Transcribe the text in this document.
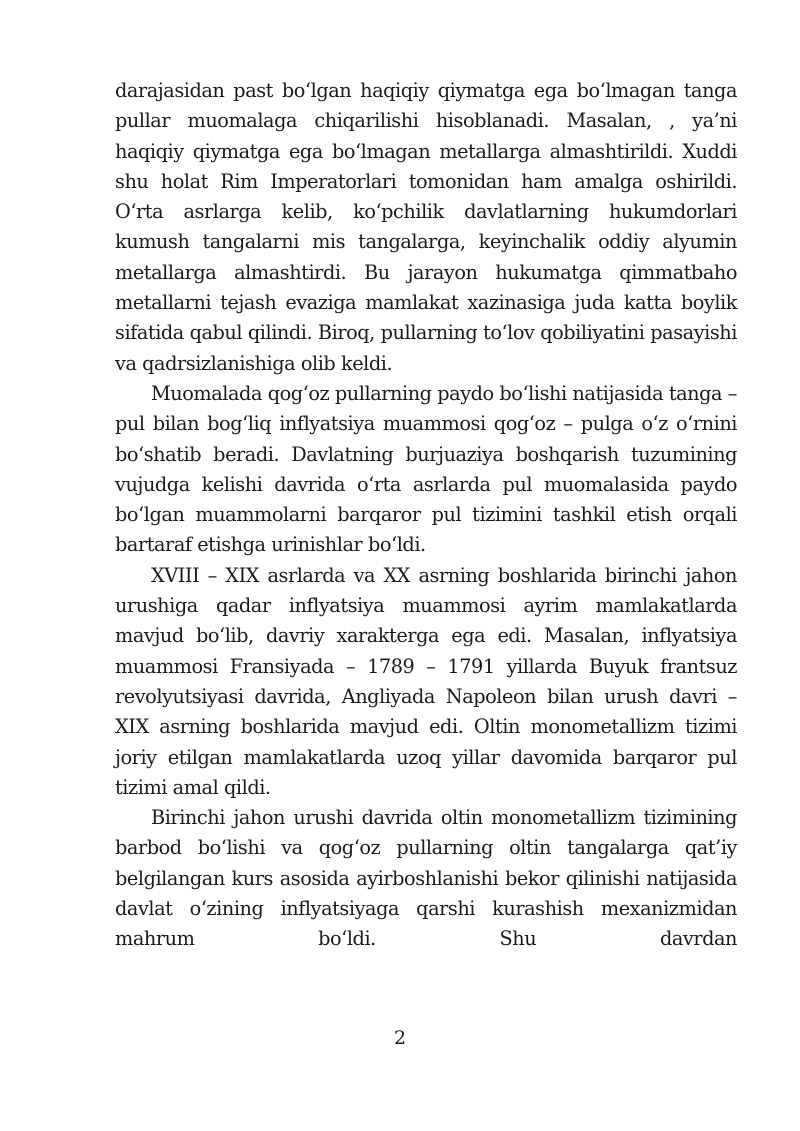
darajasidan past bo‘lgan haqiqiy qiymatga ega bo‘lmagan tanga pullar muomalaga chiqarilishi hisoblanadi. Masalan, , ya’ni haqiqiy qiymatga ega bo‘lmagan metallarga almashtirildi. Xuddi shu holat Rim Imperatorlari tomonidan ham amalga oshirildi. O‘rta asrlarga kelib, ko‘pchilik davlatlarning hukumdorlari kumush tangalarni mis tangalarga, keyinchalik oddiy alyumin metallarga almashtirdi. Bu jarayon hukumatga qimmatbaho metallarni tejash evaziga mamlakat xazinasiga juda katta boylik sifatida qabul qilindi. Biroq, pullarning to‘lov qobiliyatini pasayishi va qadrsizlanishiga olib keldi.

Muomalada qog‘oz pullarning paydo bo‘lishi natijasida tanga – pul bilan bog‘liq inflyatsiya muammosi qog‘oz – pulga o‘z o‘rnini bo‘shatib beradi. Davlatning burjuaziya boshqarish tuzumining vujudga kelishi davrida o‘rta asrlarda pul muomalasida paydo bo‘lgan muammolarni barqaror pul tizimini tashkil etish orqali bartaraf etishga urinishlar bo‘ldi.

XVIII – XIX asrlarda va XX asrning boshlarida birinchi jahon urushiga qadar inflyatsiya muammosi ayrim mamlakatlarda mavjud bo‘lib, davriy xarakterga ega edi. Masalan, inflyatsiya muammosi Fransiyada – 1789 – 1791 yillarda Buyuk frantsuz revolyutsiyasi davrida, Angliyada Napoleon bilan urush davri – XIX asrning boshlarida mavjud edi. Oltin monometallizm tizimi joriy etilgan mamlakatlarda uzoq yillar davomida barqaror pul tizimi amal qildi.

Birinchi jahon urushi davrida oltin monometallizm tizimining barbod bo‘lishi va qog‘oz pullarning oltin tangalarga qat’iy belgilangan kurs asosida ayirboshlanishi bekor qilinishi natijasida davlat o‘zining inflyatsiyaga qarshi kurashish mexanizmidan mahrum bo‘ldi. Shu davrdan

2
